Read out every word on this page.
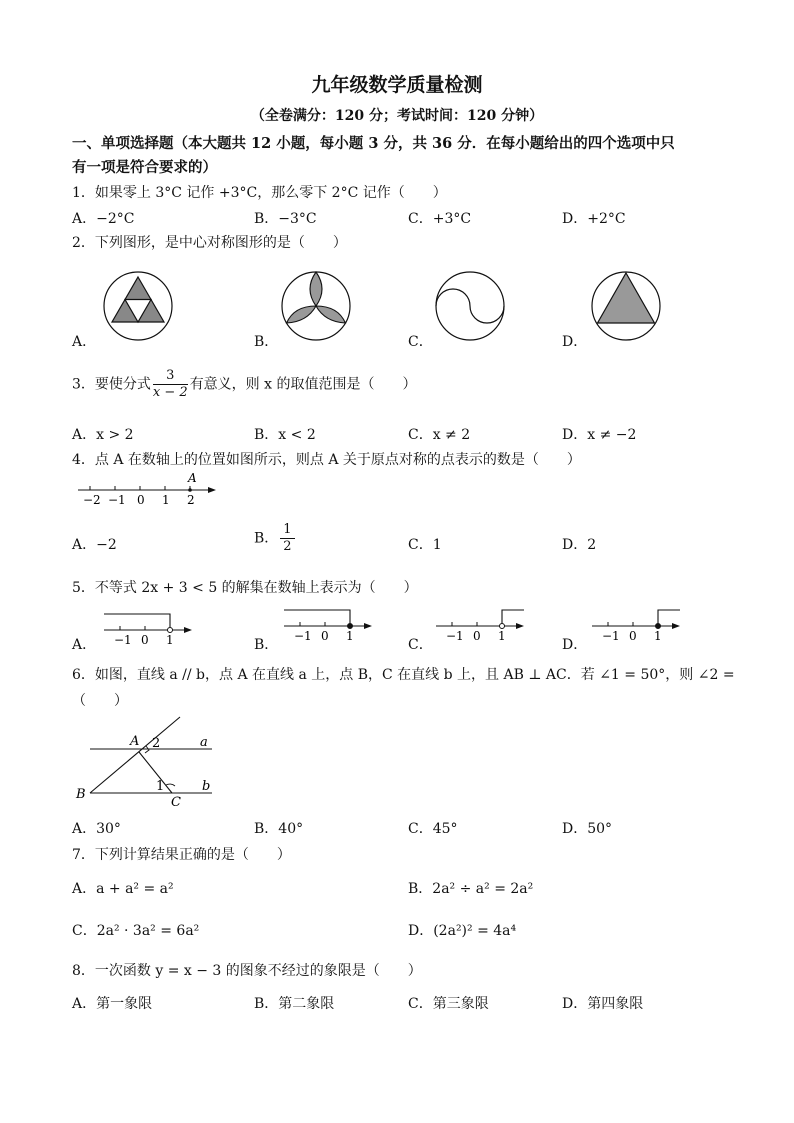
九年级数学质量检测
（全卷满分：120 分；考试时间：120 分钟）
一、单项选择题（本大题共 12 小题，每小题 3 分，共 36 分．在每小题给出的四个选项中只
有一项是符合要求的）
1．如果零上 3°C 记作 +3°C，那么零下 2°C 记作（　　）
A．−2°C	B．−3°C	C．+3°C	D．+2°C
2．下列图形，是中心对称图形的是（　　）
A．	B．	C．	D．
3．要使分式 $\frac{3}{x - 2}$ 有意义，则 x 的取值范围是（　　）
A．x > 2	B．x < 2	C．x ≠ 2	D．x ≠ −2
4．点 A 在数轴上的位置如图所示，则点 A 关于原点对称的点表示的数是（　　）
A
−2 −1 0 1 2
A．−2	B． $\frac{1}{2}$	C．1	D．2
5．不等式 2x + 3 < 5 的解集在数轴上表示为（　　）
A．	B．	C．	D．
−1 0 1	−1 0 1	−1 0 1	−1 0 1
6．如图，直线 a // b，点 A 在直线 a 上，点 B，C 在直线 b 上，且 AB ⊥ AC．若 ∠1 = 50°，则 ∠2 =
（　　）
A 2	a
B
1
C
b
A．30°	B．40°	C．45°	D．50°
7．下列计算结果正确的是（　　）
A．a + a² = a²	B．2a² ÷ a² = 2a²
C．2a² · 3a² = 6a²	D．(2a²)² = 4a⁴
8．一次函数 y = x − 3 的图象不经过的象限是（　　）
A．第一象限	B．第二象限	C．第三象限	D．第四象限
